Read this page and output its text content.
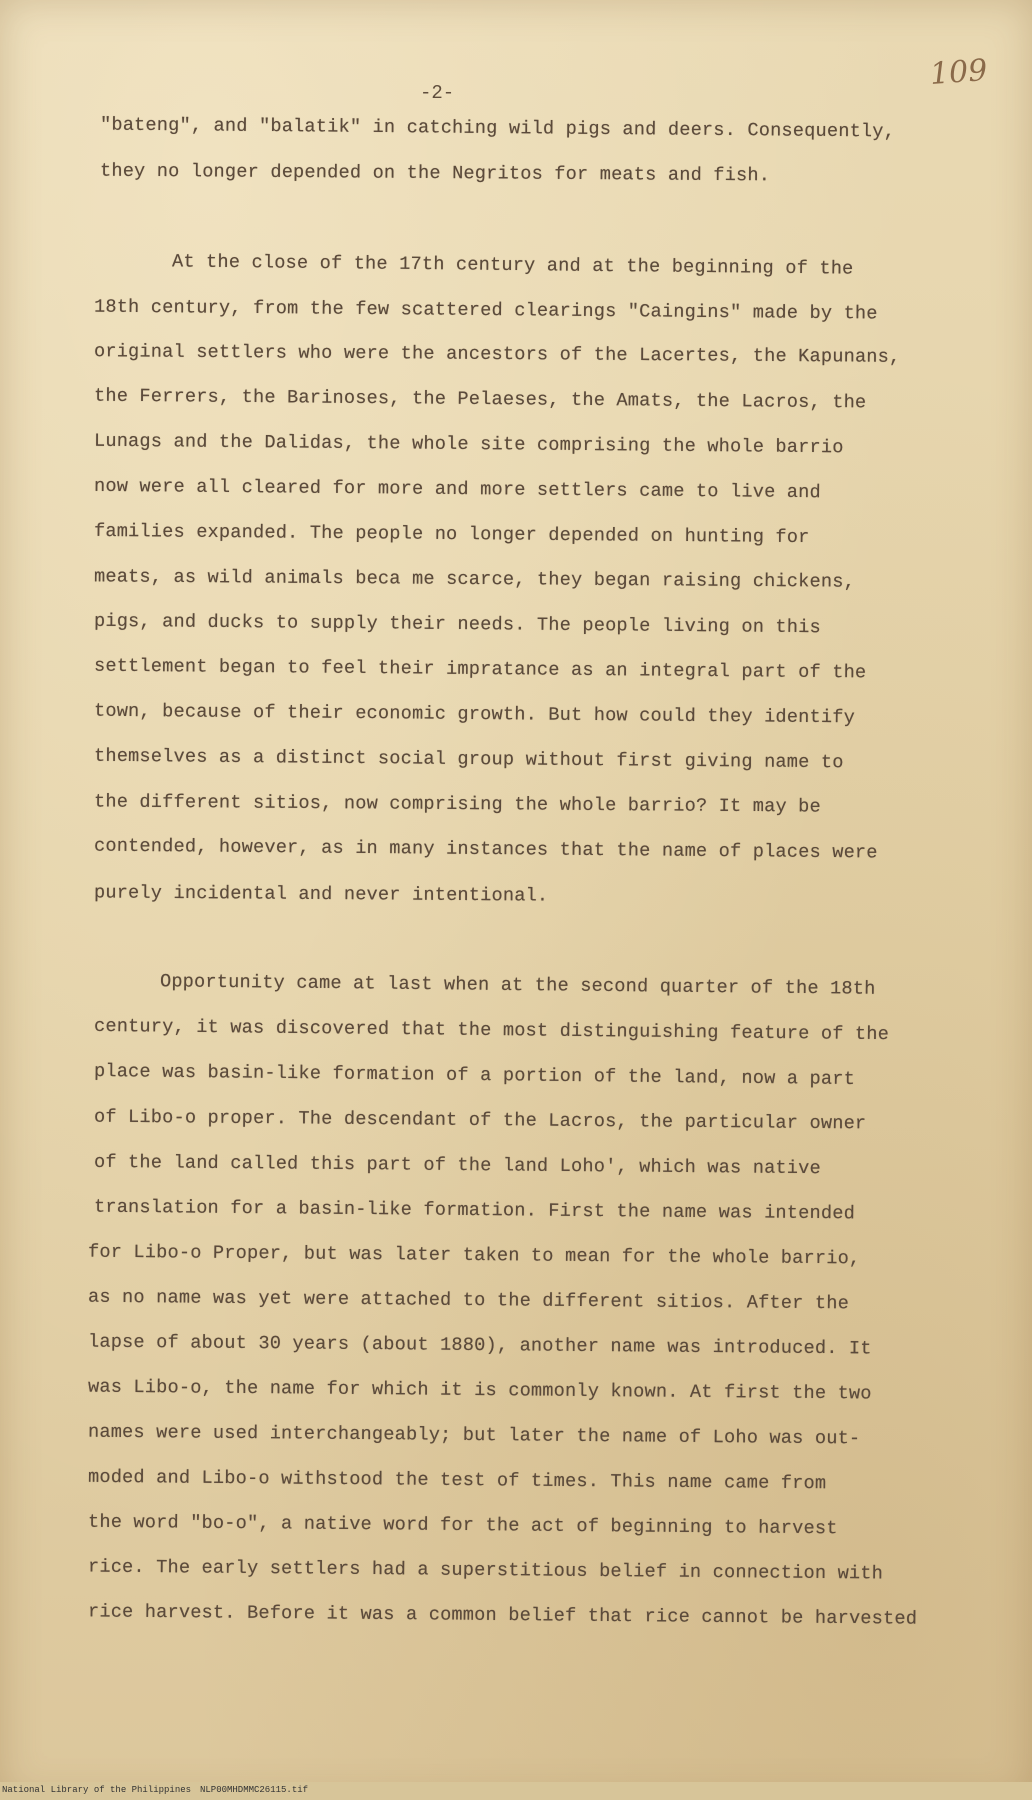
109
-2-
"bateng", and "balatik" in catching wild pigs and deers. Consequently,
they no longer depended on the Negritos for meats and fish.
At the close of the 17th century and at the beginning of the
18th century, from the few scattered clearings "Caingins" made by the
original settlers who were the ancestors of the Lacertes, the Kapunans,
the Ferrers, the Barinoses, the Pelaeses, the Amats, the Lacros, the
Lunags and the Dalidas, the whole site comprising the whole barrio
now were all cleared for more and more settlers came to live and
families expanded. The people no longer depended on hunting for
meats, as wild animals beca me scarce, they began raising chickens,
pigs, and ducks to supply their needs. The people living on this
settlement began to feel their impratance as an integral part of the
town, because of their economic growth. But how could they identify
themselves as a distinct social group without first giving name to
the different sitios, now comprising the whole barrio? It may be
contended, however, as in many instances that the name of places were
purely incidental and never intentional.
Opportunity came at last when at the second quarter of the 18th
century, it was discovered that the most distinguishing feature of the
place was basin-like formation of a portion of the land, now a part
of Libo-o proper. The descendant of the Lacros, the particular owner
of the land called this part of the land Loho', which was native
translation for a basin-like formation. First the name was intended
for Libo-o Proper, but was later taken to mean for the whole barrio,
as no name was yet were attached to the different sitios. After the
lapse of about 30 years (about 1880), another name was introduced. It
was Libo-o, the name for which it is commonly known. At first the two
names were used interchangeably; but later the name of Loho was out-
moded and Libo-o withstood the test of times. This name came from
the word "bo-o", a native word for the act of beginning to harvest
rice. The early settlers had a superstitious belief in connection with
rice harvest. Before it was a common belief that rice cannot be harvested
National Library of the Philippines NLP00MHDMMC26115.tif
